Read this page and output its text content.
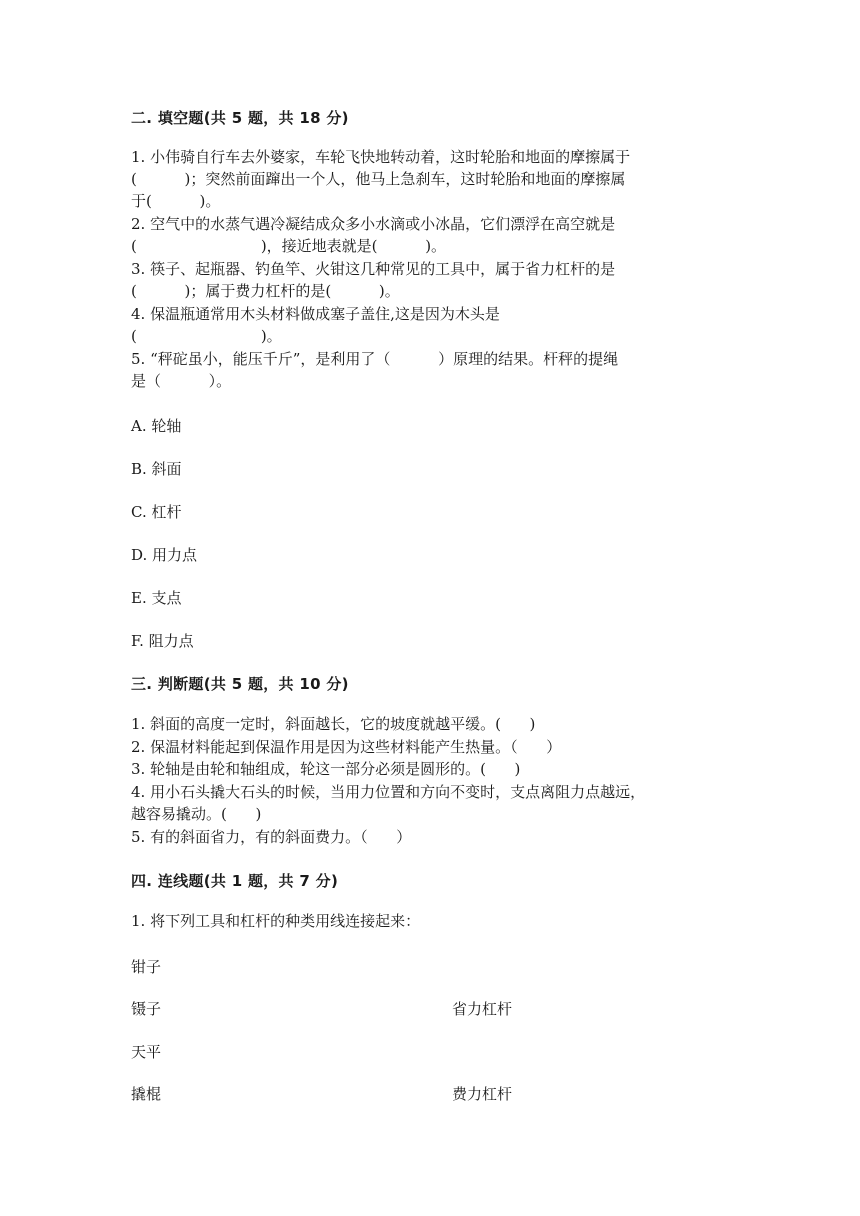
二. 填空题(共 5 题，共 18 分)
1. 小伟骑自行车去外婆家，车轮飞快地转动着，这时轮胎和地面的摩擦属于
(          )；突然前面蹿出一个人，他马上急刹车，这时轮胎和地面的摩擦属
于(          )。
2. 空气中的水蒸气遇冷凝结成众多小水滴或小冰晶，它们漂浮在高空就是
(                          )，接近地表就是(          )。
3. 筷子、起瓶器、钓鱼竿、火钳这几种常见的工具中，属于省力杠杆的是
(          )；属于费力杠杆的是(          )。
4. 保温瓶通常用木头材料做成塞子盖住,这是因为木头是
(                          )。
5. “秤砣虽小，能压千斤”，是利用了（          ）原理的结果。杆秤的提绳
是（          ）。
A. 轮轴
B. 斜面
C. 杠杆
D. 用力点
E. 支点
F. 阻力点
三. 判断题(共 5 题，共 10 分)
1. 斜面的高度一定时，斜面越长，它的坡度就越平缓。(      )
2. 保温材料能起到保温作用是因为这些材料能产生热量。（      ）
3. 轮轴是由轮和轴组成，轮这一部分必须是圆形的。(      )
4. 用小石头撬大石头的时候，当用力位置和方向不变时，支点离阻力点越远，
越容易撬动。(      )
5. 有的斜面省力，有的斜面费力。（      ）
四. 连线题(共 1 题，共 7 分)
1. 将下列工具和杠杆的种类用线连接起来：
钳子
镊子
天平
撬棍
省力杠杆
费力杠杆
